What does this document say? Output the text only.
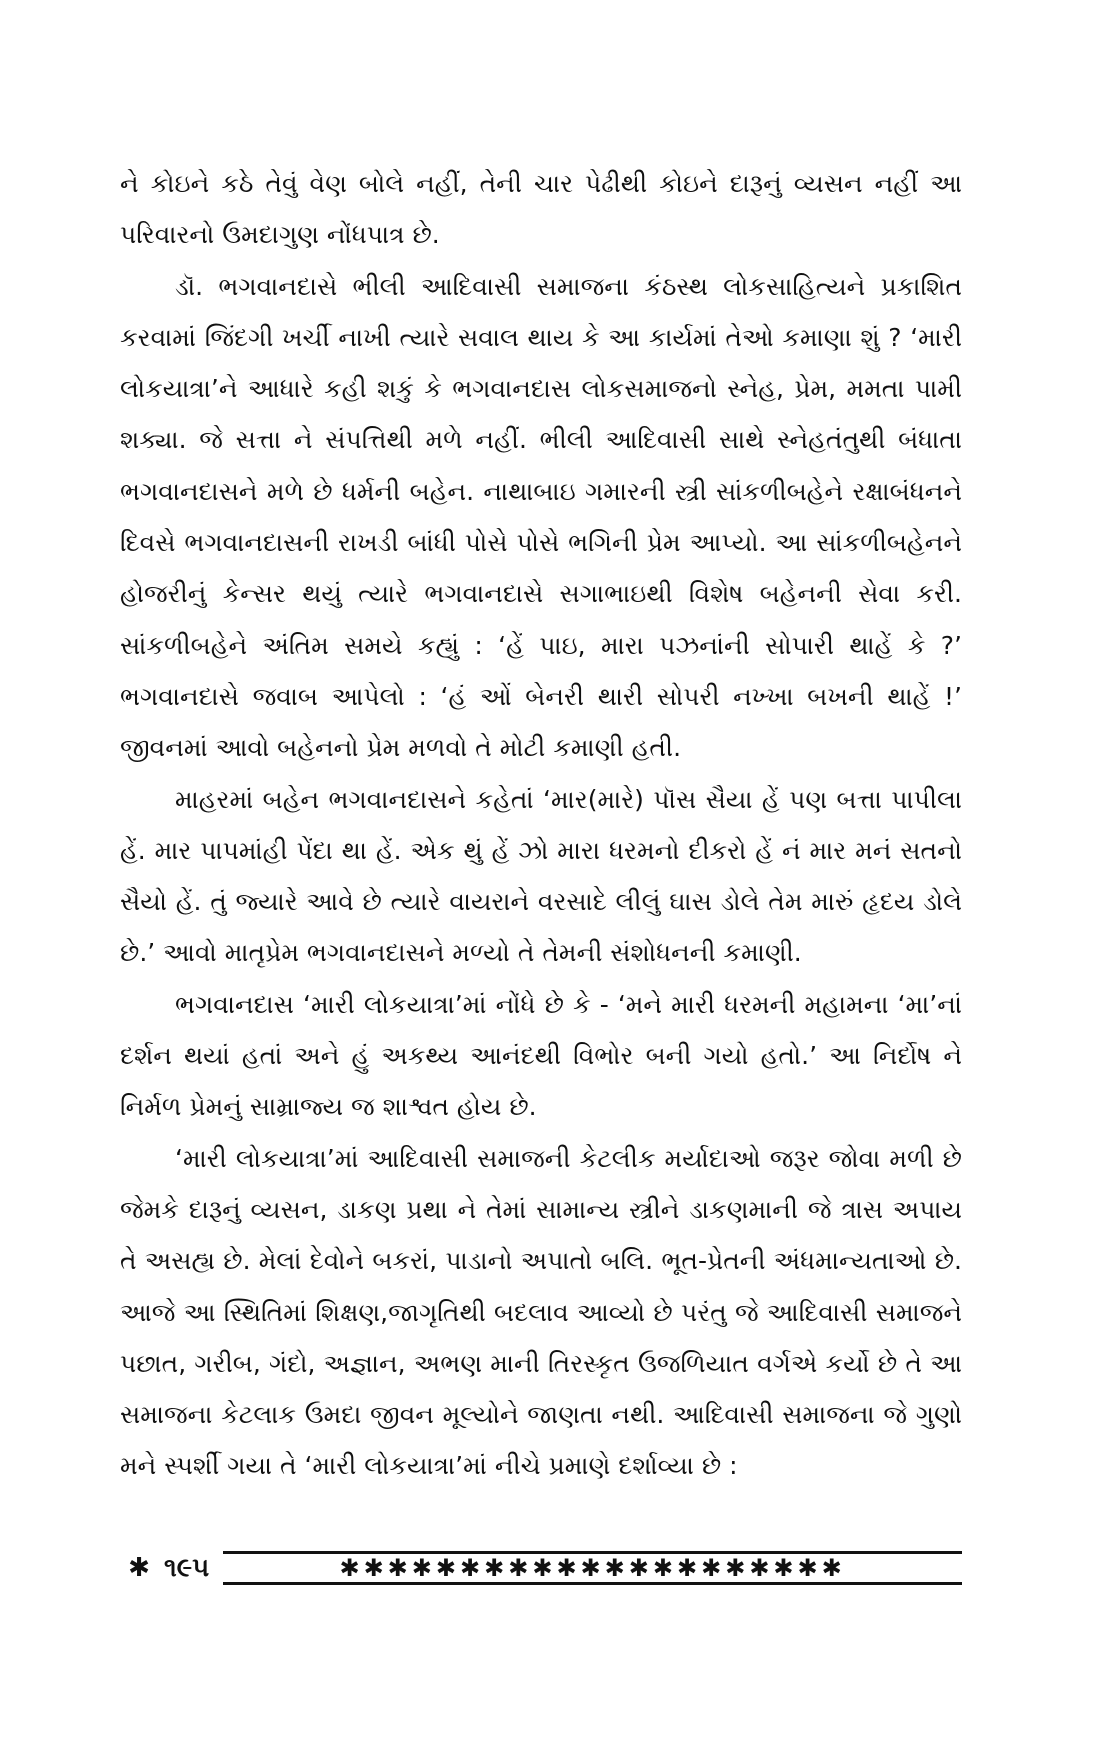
ને કોઇને કઠે તેવું વેણ બોલે નહીં, તેની ચાર પેઢીથી કોઇને દારૂનું વ્યસન નહીં આ પરિવારનો ઉમદાગુણ નોંધપાત્ર છે.

ડૉ. ભગવાનદાસે ભીલી આદિવાસી સમાજના કંઠસ્થ લોકસાહિત્યને પ્રકાશિત કરવામાં જિંદગી ખર્ચી નાખી ત્યારે સવાલ થાય કે આ કાર્યમાં તેઓ કમાણા શું ? ‘મારી લોકયાત્રા’ને આધારે કહી શકું કે ભગવાનદાસ લોકસમાજનો સ્નેહ, પ્રેમ, મમતા પામી શક્યા. જે સત્તા ને સંપત્તિથી મળે નહીં. ભીલી આદિવાસી સાથે સ્નેહતંતુથી બંધાતા ભગવાનદાસને મળે છે ધર્મની બહેન. નાથાબાઇ ગમારની સ્ત્રી સાંકળીબહેને રક્ષાબંધનને દિવસે ભગવાનદાસની રાખડી બાંધી પોસે પોસે ભગિની પ્રેમ આપ્યો. આ સાંકળીબહેનને હોજરીનું કેન્સર થયું ત્યારે ભગવાનદાસે સગાભાઇથી વિશેષ બહેનની સેવા કરી. સાંકળીબહેને અંતિમ સમયે કહ્યું : ‘હેં પાઇ, મારા પઝનાંની સોપારી થાહેં કે ?’ ભગવાનદાસે જવાબ આપેલો : ‘હં ઓં બેનરી થારી સોપરી નખ્ખા બખની થાહેં !’ જીવનમાં આવો બહેનનો પ્રેમ મળવો તે મોટી કમાણી હતી.

માહરમાં બહેન ભગવાનદાસને કહેતાં ‘માર(મારે) પૉસ સૈયા હેં પણ બત્તા પાપીલા હેં. માર પાપમાંહી પેંદા થા હેં. એક થું હેં ઝો મારા ધરમનો દીકરો હેં નં માર મનં સતનો સૈયો હેં. તું જ્યારે આવે છે ત્યારે વાયરાને વરસાદે લીલું ઘાસ ડોલે તેમ મારું હૃદય ડોલે છે.’ આવો માતૃપ્રેમ ભગવાનદાસને મળ્યો તે તેમની સંશોધનની કમાણી.

ભગવાનદાસ ‘મારી લોકયાત્રા’માં નોંધે છે કે - ‘મને મારી ધરમની મહામના ‘મા’નાં દર્શન થયાં હતાં અને હું અકથ્ય આનંદથી વિભોર બની ગયો હતો.’ આ નિર્દોષ ને નિર્મળ પ્રેમનું સામ્રાજ્ય જ શાશ્વત હોય છે.

‘મારી લોકયાત્રા’માં આદિવાસી સમાજની કેટલીક મર્યાદાઓ જરૂર જોવા મળી છે જેમકે દારૂનું વ્યસન, ડાકણ પ્રથા ને તેમાં સામાન્ય સ્ત્રીને ડાકણમાની જે ત્રાસ અપાય તે અસહ્ય છે. મેલાં દેવોને બકરાં, પાડાનો અપાતો બલિ. ભૂત-પ્રેતની અંધમાન્યતાઓ છે. આજે આ સ્થિતિમાં શિક્ષણ,જાગૃતિથી બદલાવ આવ્યો છે પરંતુ જે આદિવાસી સમાજને પછાત, ગરીબ, ગંદો, અજ્ઞાન, અભણ માની તિરસ્કૃત ઉજળિયાત વર્ગએ કર્યો છે તે આ સમાજના કેટલાક ઉમદા જીવન મૂલ્યોને જાણતા નથી. આદિવાસી સમાજના જે ગુણો મને સ્પર્શી ગયા તે ‘મારી લોકયાત્રા’માં નીચે પ્રમાણે દર્શાવ્યા છે :

✱ ૧૯૫	✱✱✱✱✱✱✱✱✱✱✱✱✱✱✱✱✱✱✱✱✱
